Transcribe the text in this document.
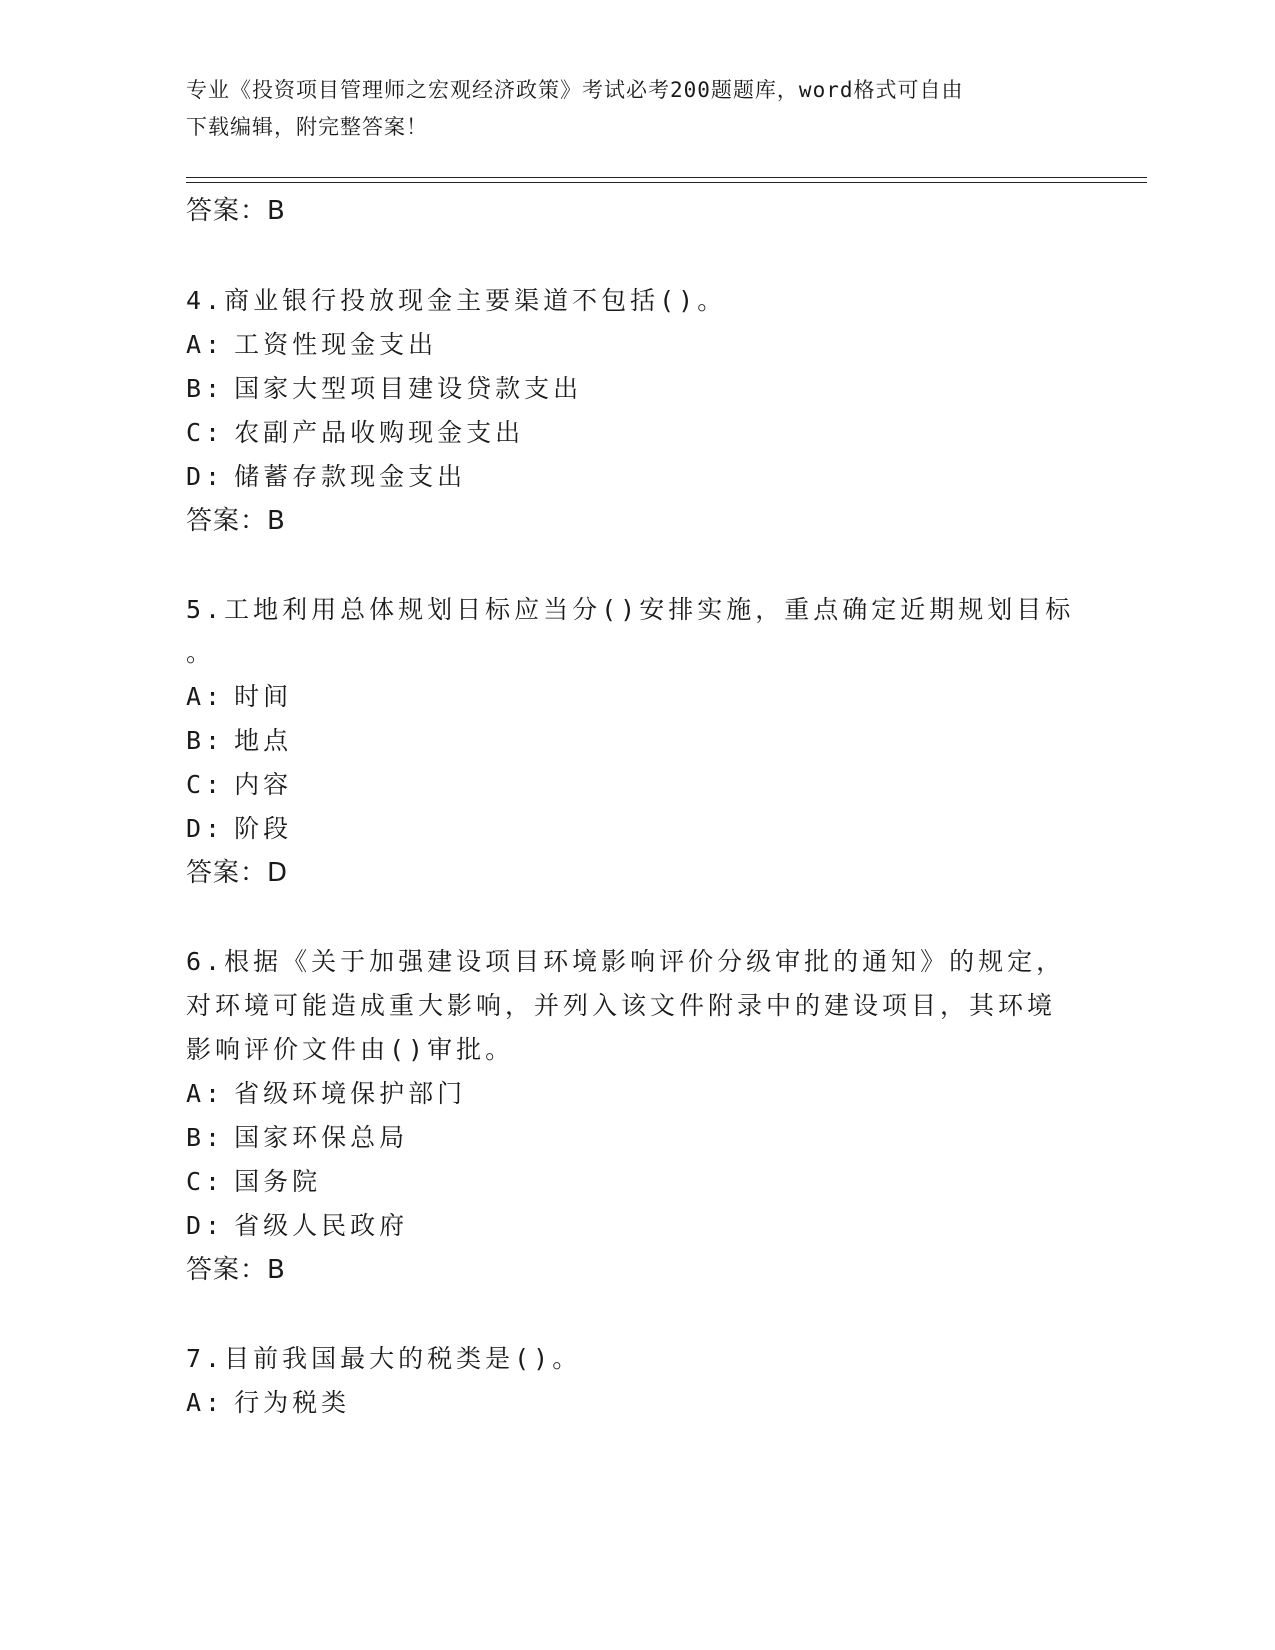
专业《投资项目管理师之宏观经济政策》考试必考200题题库，word格式可自由
下载编辑，附完整答案！
答案：B
4.商业银行投放现金主要渠道不包括()。
A: 工资性现金支出
B: 国家大型项目建设贷款支出
C: 农副产品收购现金支出
D: 储蓄存款现金支出
答案：B
5.工地利用总体规划日标应当分()安排实施，重点确定近期规划目标
。
A: 时间
B: 地点
C: 内容
D: 阶段
答案：D
6.根据《关于加强建设项目环境影响评价分级审批的通知》的规定，
对环境可能造成重大影响，并列入该文件附录中的建设项目，其环境
影响评价文件由()审批。
A: 省级环境保护部门
B: 国家环保总局
C: 国务院
D: 省级人民政府
答案：B
7.目前我国最大的税类是()。
A: 行为税类
